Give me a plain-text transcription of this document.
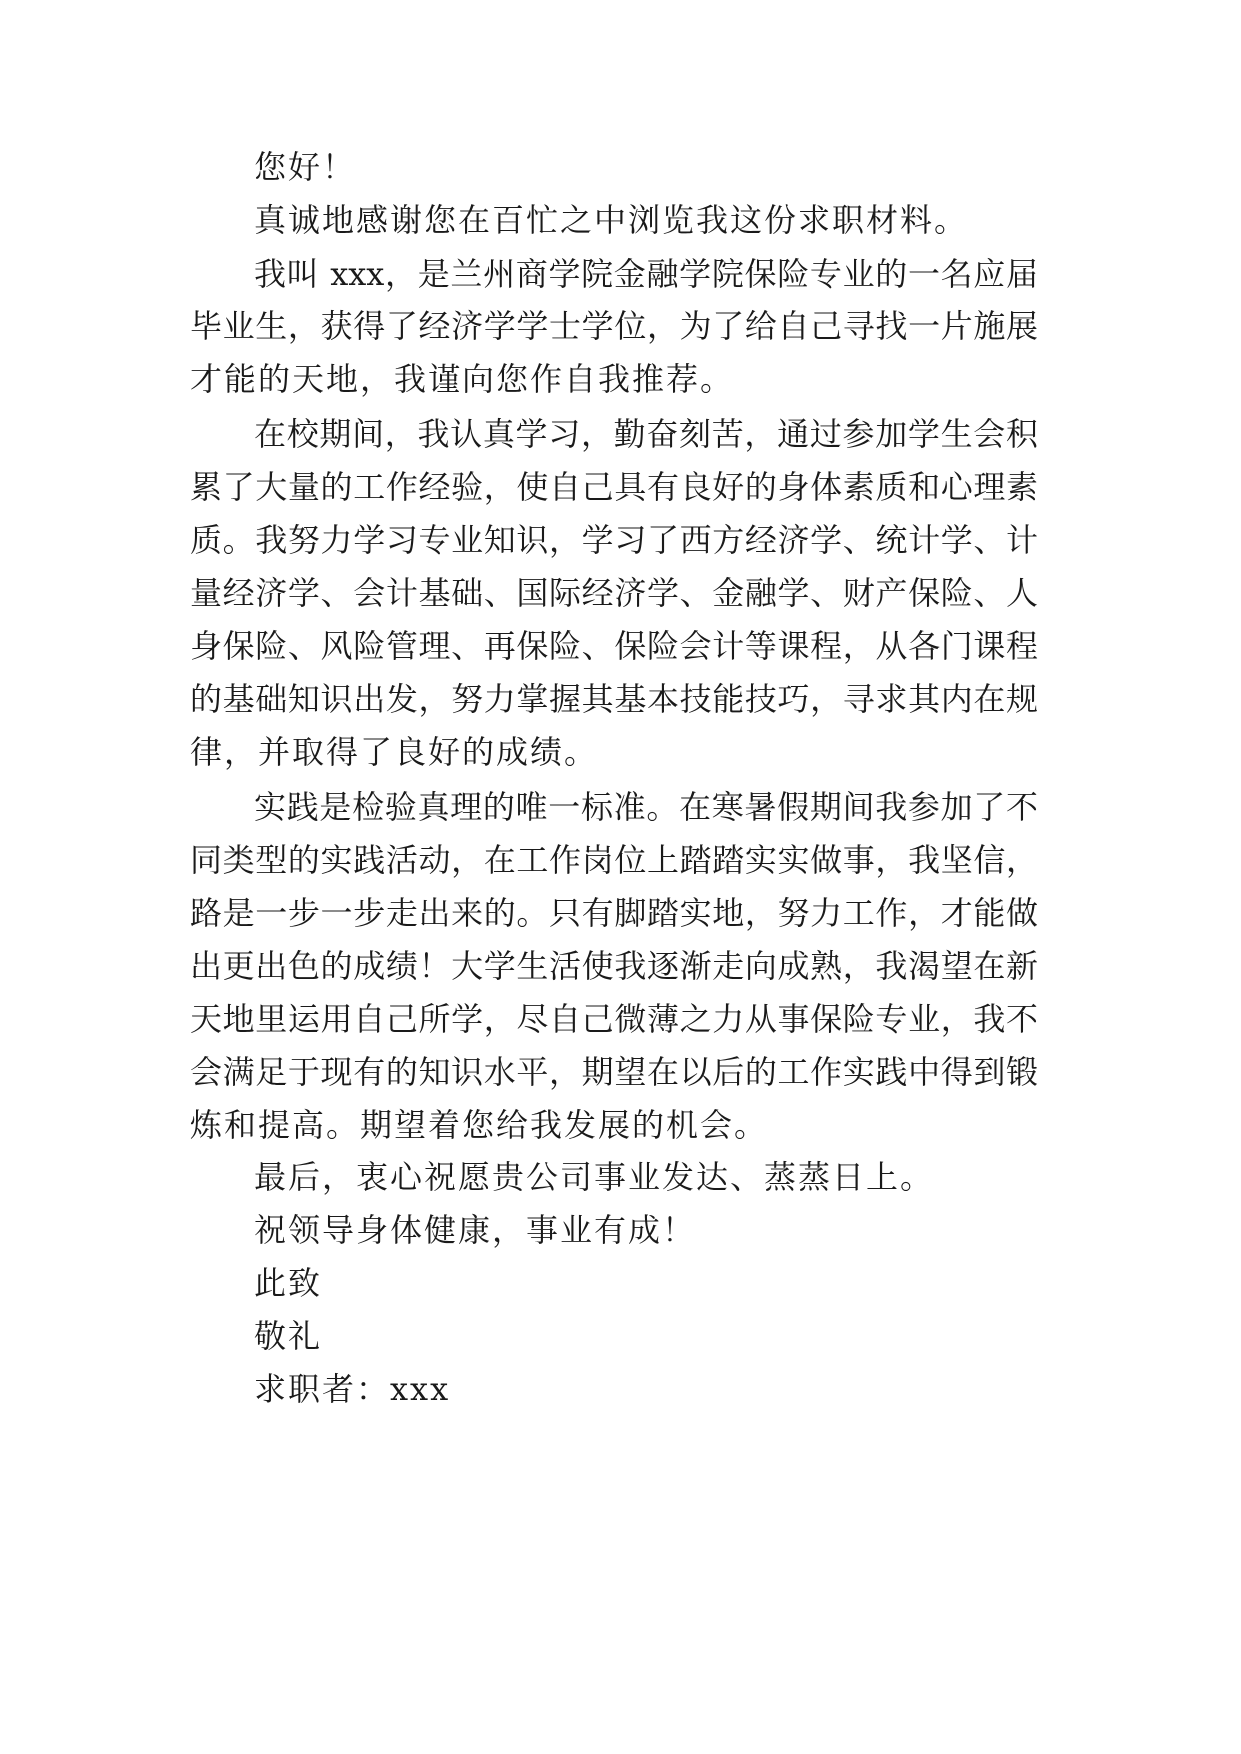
您好！
真诚地感谢您在百忙之中浏览我这份求职材料。
我叫 xxx，是兰州商学院金融学院保险专业的一名应届
毕业生，获得了经济学学士学位，为了给自己寻找一片施展
才能的天地，我谨向您作自我推荐。
在校期间，我认真学习，勤奋刻苦，通过参加学生会积
累了大量的工作经验，使自己具有良好的身体素质和心理素
质。我努力学习专业知识，学习了西方经济学、统计学、计
量经济学、会计基础、国际经济学、金融学、财产保险、人
身保险、风险管理、再保险、保险会计等课程，从各门课程
的基础知识出发，努力掌握其基本技能技巧，寻求其内在规
律，并取得了良好的成绩。
实践是检验真理的唯一标准。在寒暑假期间我参加了不
同类型的实践活动，在工作岗位上踏踏实实做事，我坚信，
路是一步一步走出来的。只有脚踏实地，努力工作，才能做
出更出色的成绩！大学生活使我逐渐走向成熟，我渴望在新
天地里运用自己所学，尽自己微薄之力从事保险专业，我不
会满足于现有的知识水平，期望在以后的工作实践中得到锻
炼和提高。期望着您给我发展的机会。
最后，衷心祝愿贵公司事业发达、蒸蒸日上。
祝领导身体健康，事业有成！
此致
敬礼
求职者：xxx
